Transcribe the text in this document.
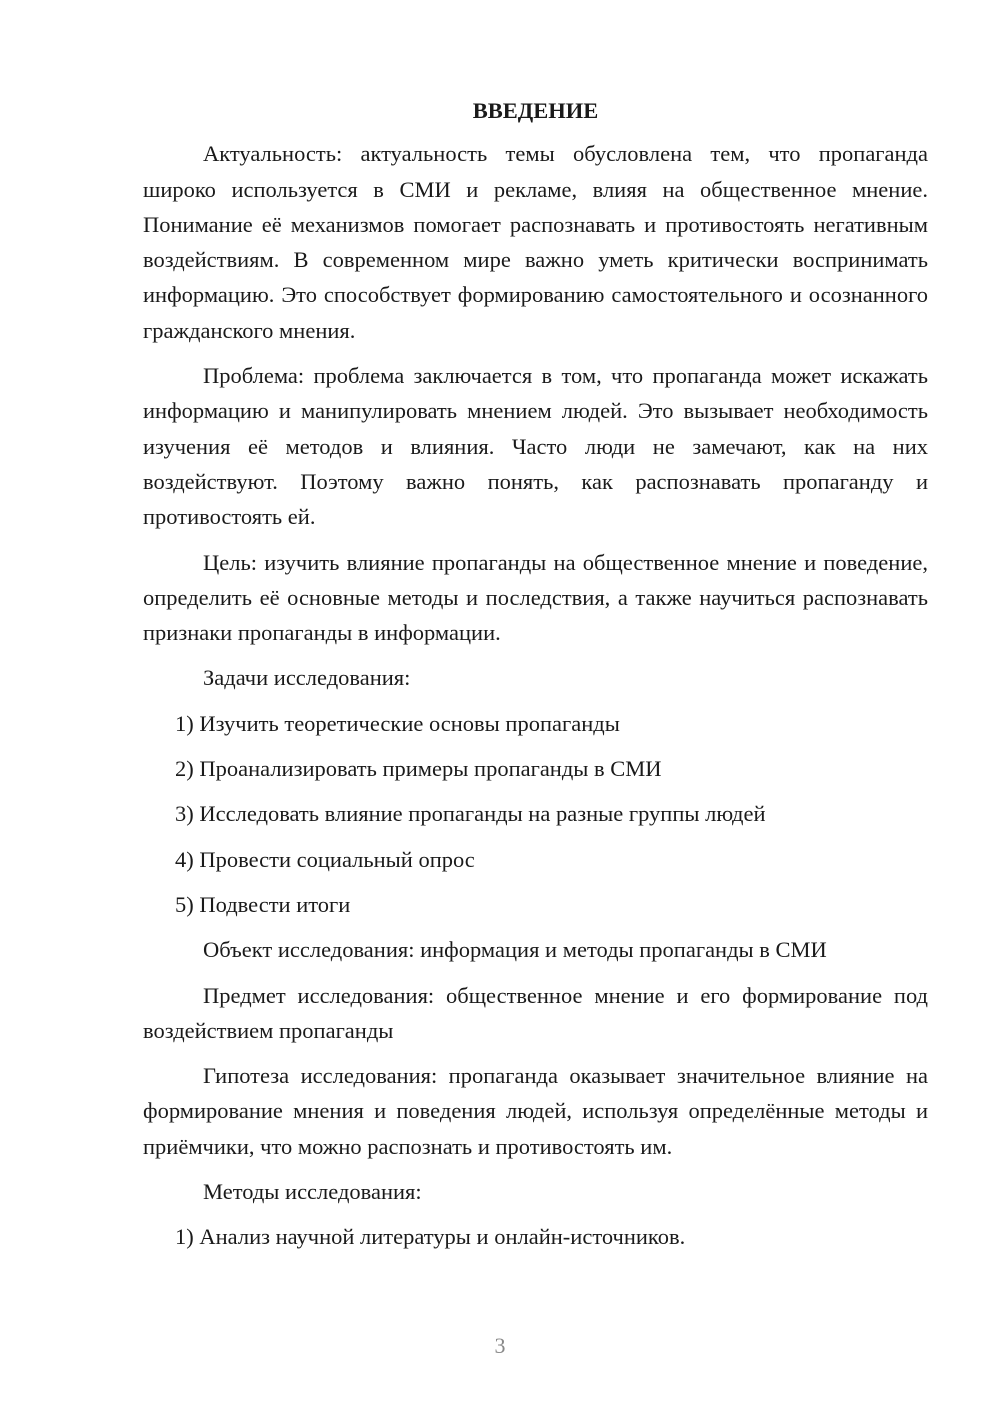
ВВЕДЕНИЕ

Актуальность: актуальность темы обусловлена тем, что пропаганда широко используется в СМИ и рекламе, влияя на общественное мнение. Понимание её механизмов помогает распознавать и противостоять негативным воздействиям. В современном мире важно уметь критически воспринимать информацию. Это способствует формированию самостоятельного и осознанного гражданского мнения.

Проблема: проблема заключается в том, что пропаганда может искажать информацию и манипулировать мнением людей. Это вызывает необходимость изучения её методов и влияния. Часто люди не замечают, как на них воздействуют. Поэтому важно понять, как распознавать пропаганду и противостоять ей.

Цель: изучить влияние пропаганды на общественное мнение и поведение, определить её основные методы и последствия, а также научиться распознавать признаки пропаганды в информации.

Задачи исследования:

1) Изучить теоретические основы пропаганды
2) Проанализировать примеры пропаганды в СМИ
3) Исследовать влияние пропаганды на разные группы людей
4) Провести социальный опрос
5) Подвести итоги

Объект исследования: информация и методы пропаганды в СМИ

Предмет исследования: общественное мнение и его формирование под воздействием пропаганды

Гипотеза исследования: пропаганда оказывает значительное влияние на формирование мнения и поведения людей, используя определённые методы и приёмчики, что можно распознать и противостоять им.

Методы исследования:

1) Анализ научной литературы и онлайн-источников.
3
